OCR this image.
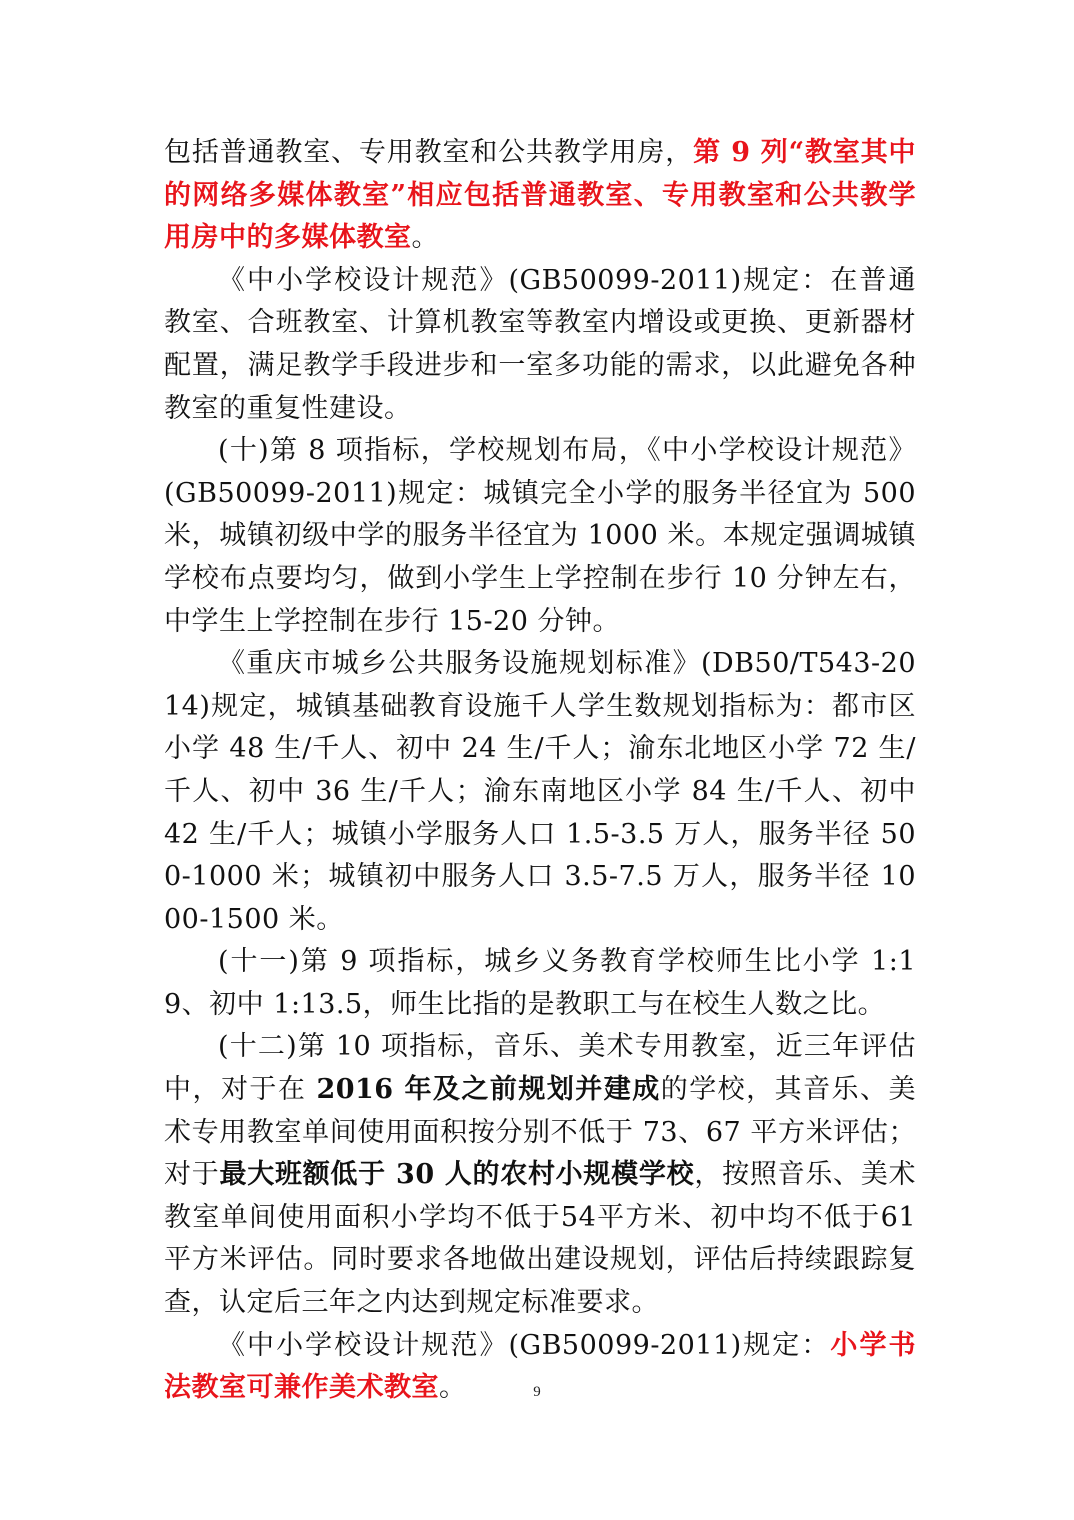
包括普通教室、专用教室和公共教学用房，第 9 列“教室其中的网络多媒体教室”相应包括普通教室、专用教室和公共教学用房中的多媒体教室。

《中小学校设计规范》(GB50099-2011)规定：在普通教室、合班教室、计算机教室等教室内增设或更换、更新器材配置，满足教学手段进步和一室多功能的需求，以此避免各种教室的重复性建设。

(十)第 8 项指标，学校规划布局，《中小学校设计规范》(GB50099-2011)规定：城镇完全小学的服务半径宜为 500 米，城镇初级中学的服务半径宜为 1000 米。本规定强调城镇学校布点要均匀，做到小学生上学控制在步行 10 分钟左右，中学生上学控制在步行 15-20 分钟。

《重庆市城乡公共服务设施规划标准》(DB50/T543-2014)规定，城镇基础教育设施千人学生数规划指标为：都市区小学 48 生/千人、初中 24 生/千人；渝东北地区小学 72 生/千人、初中 36 生/千人；渝东南地区小学 84 生/千人、初中 42 生/千人；城镇小学服务人口 1.5-3.5 万人，服务半径 500-1000 米；城镇初中服务人口 3.5-7.5 万人，服务半径 1000-1500 米。

(十一)第 9 项指标，城乡义务教育学校师生比小学 1:19、初中 1:13.5，师生比指的是教职工与在校生人数之比。

(十二)第 10 项指标，音乐、美术专用教室，近三年评估中，对于在 2016 年及之前规划并建成的学校，其音乐、美术专用教室单间使用面积按分别不低于 73、67 平方米评估；对于最大班额低于 30 人的农村小规模学校，按照音乐、美术教室单间使用面积小学均不低于54平方米、初中均不低于61平方米评估。同时要求各地做出建设规划，评估后持续跟踪复查，认定后三年之内达到规定标准要求。

《中小学校设计规范》(GB50099-2011)规定：小学书法教室可兼作美术教室。	9
